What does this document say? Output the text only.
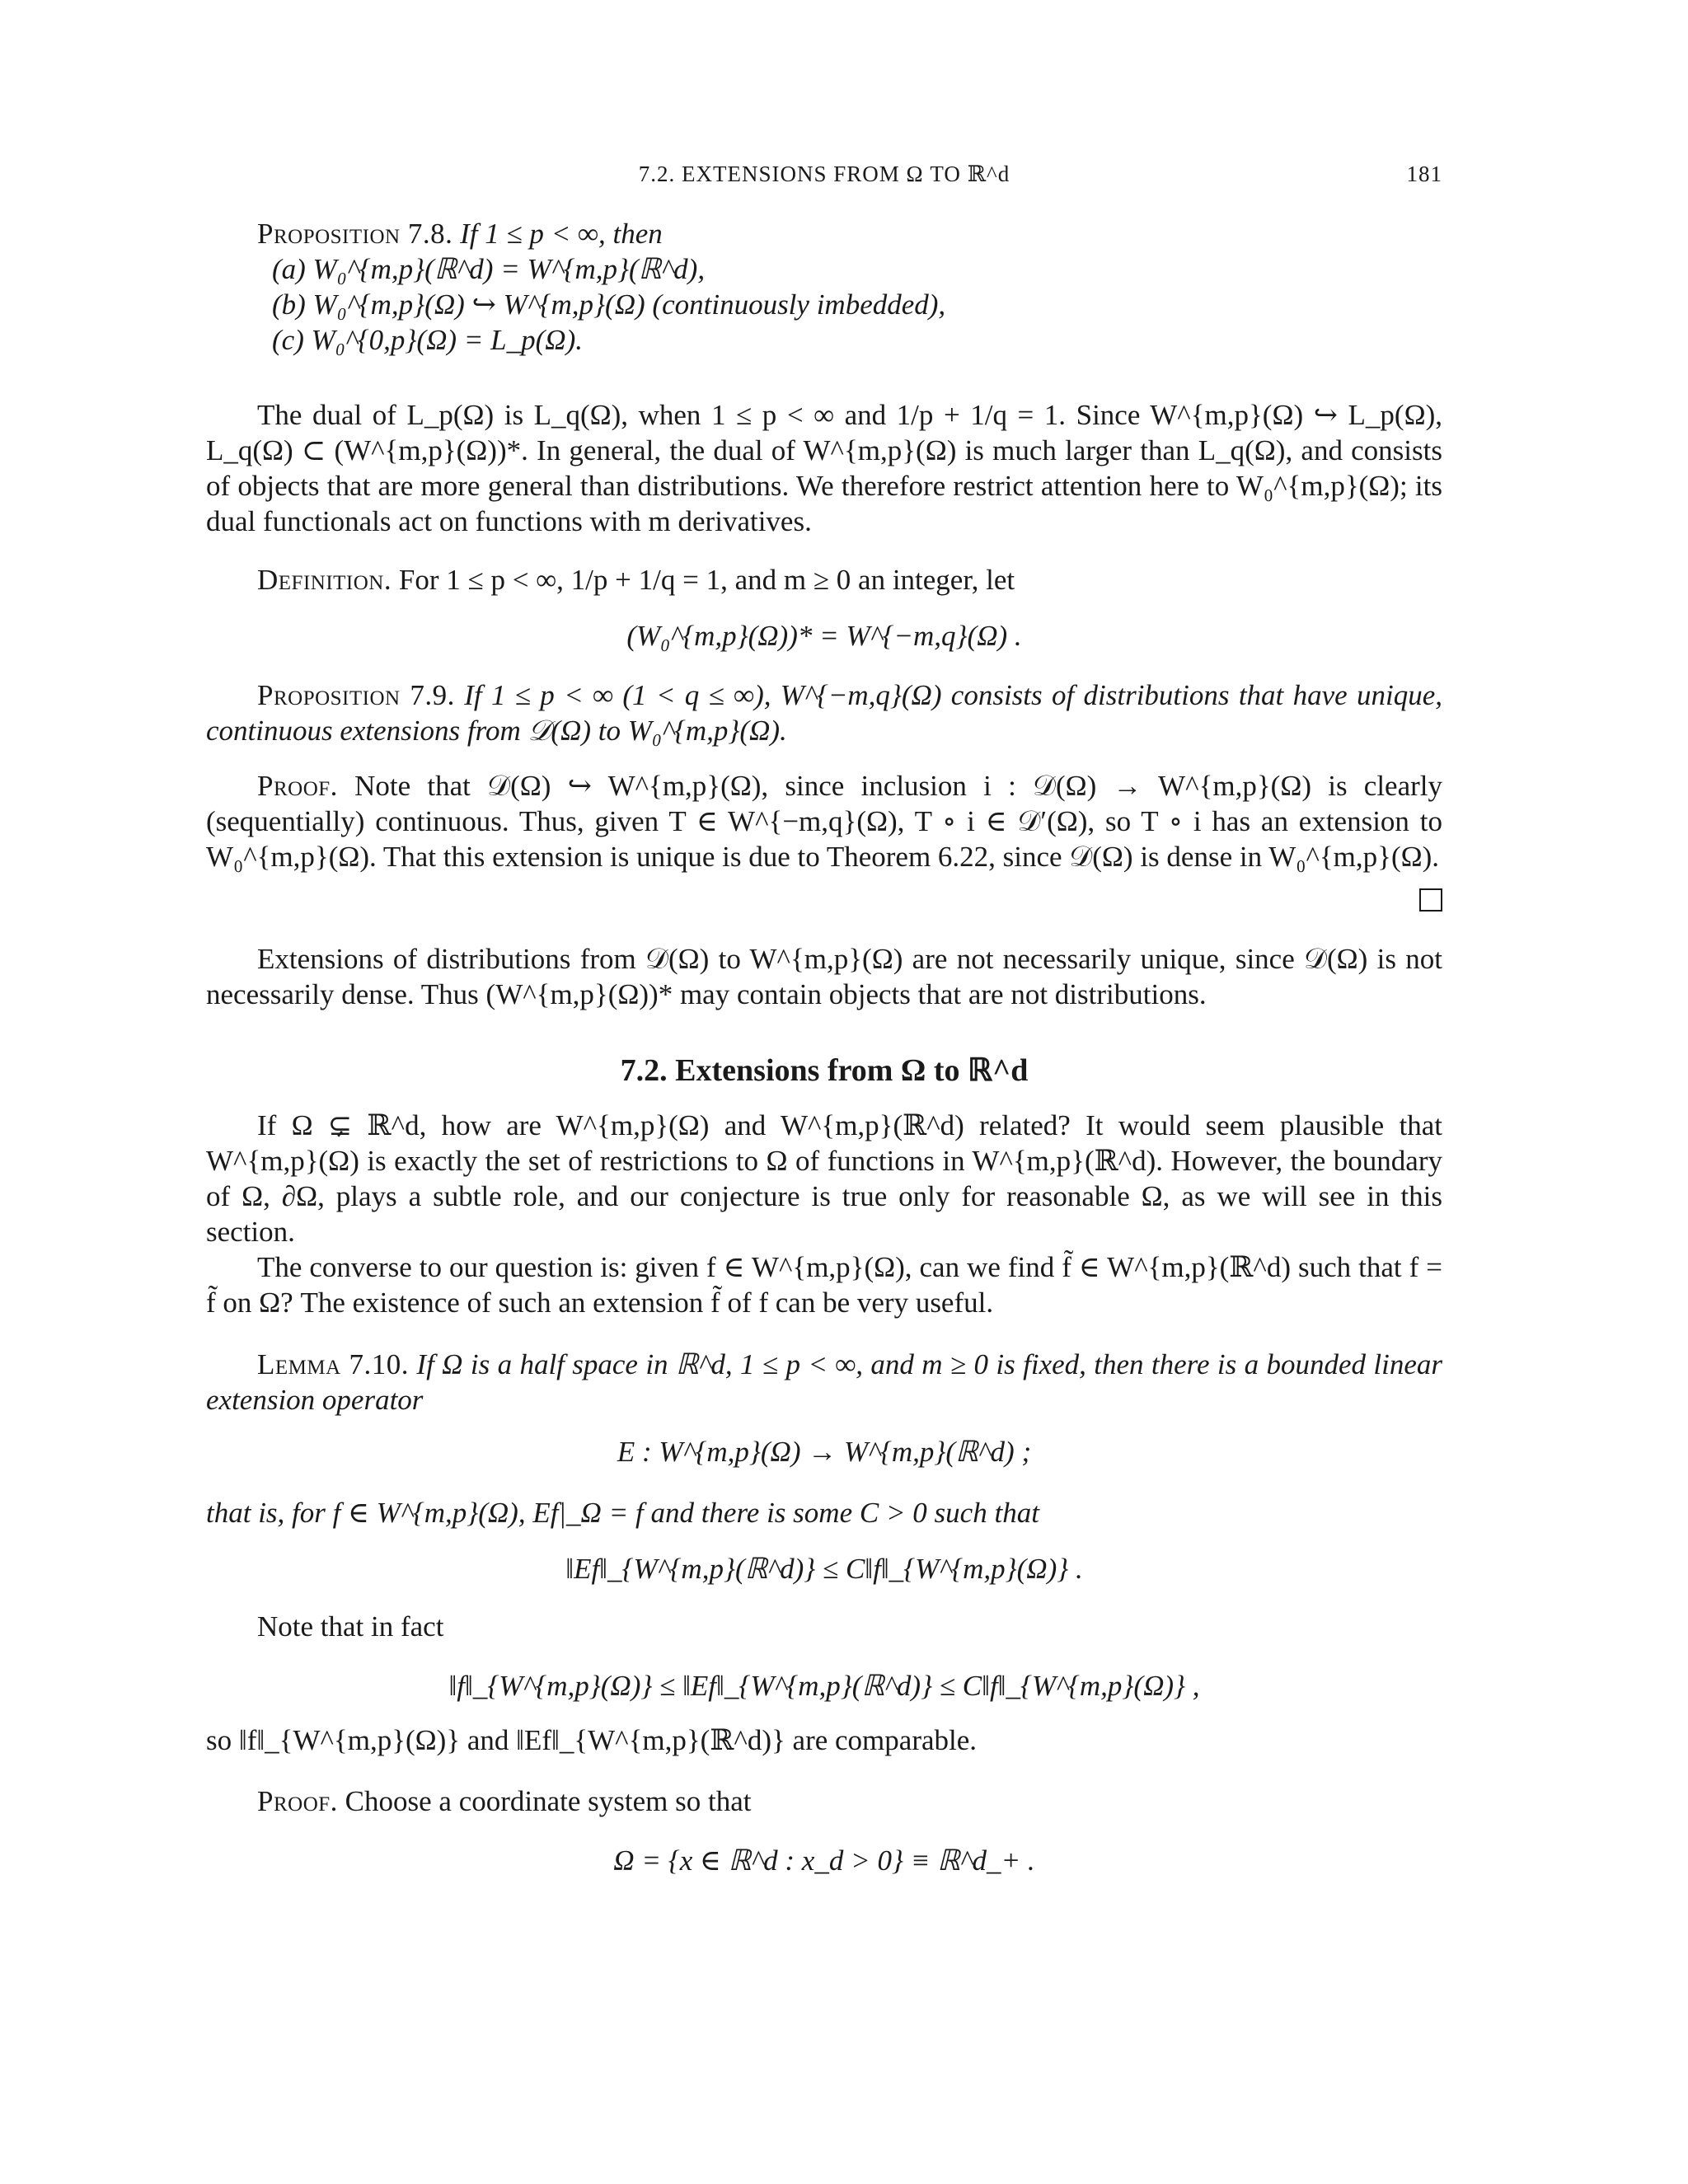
7.2. EXTENSIONS FROM Ω TO ℝ^d	181

Proposition 7.8. If 1 ≤ p < ∞, then

(a) W₀^{m,p}(ℝ^d) = W^{m,p}(ℝ^d),

(b) W₀^{m,p}(Ω) ↪ W^{m,p}(Ω) (continuously imbedded),

(c) W₀^{0,p}(Ω) = L_p(Ω).

The dual of L_p(Ω) is L_q(Ω), when 1 ≤ p < ∞ and 1/p + 1/q = 1. Since W^{m,p}(Ω) ↪ L_p(Ω), L_q(Ω) ⊂ (W^{m,p}(Ω))*. In general, the dual of W^{m,p}(Ω) is much larger than L_q(Ω), and consists of objects that are more general than distributions. We therefore restrict attention here to W₀^{m,p}(Ω); its dual functionals act on functions with m derivatives.

Definition. For 1 ≤ p < ∞, 1/p + 1/q = 1, and m ≥ 0 an integer, let

(W₀^{m,p}(Ω))* = W^{−m,q}(Ω) .

Proposition 7.9. If 1 ≤ p < ∞ (1 < q ≤ ∞), W^{−m,q}(Ω) consists of distributions that have unique, continuous extensions from 𝒟(Ω) to W₀^{m,p}(Ω).

Proof. Note that 𝒟(Ω) ↪ W^{m,p}(Ω), since inclusion i : 𝒟(Ω) → W^{m,p}(Ω) is clearly (sequentially) continuous. Thus, given T ∈ W^{−m,q}(Ω), T ∘ i ∈ 𝒟′(Ω), so T ∘ i has an extension to W₀^{m,p}(Ω). That this extension is unique is due to Theorem 6.22, since 𝒟(Ω) is dense in W₀^{m,p}(Ω).

Extensions of distributions from 𝒟(Ω) to W^{m,p}(Ω) are not necessarily unique, since 𝒟(Ω) is not necessarily dense. Thus (W^{m,p}(Ω))* may contain objects that are not distributions.

7.2. Extensions from Ω to ℝ^d

If Ω ⊊ ℝ^d, how are W^{m,p}(Ω) and W^{m,p}(ℝ^d) related? It would seem plausible that W^{m,p}(Ω) is exactly the set of restrictions to Ω of functions in W^{m,p}(ℝ^d). However, the boundary of Ω, ∂Ω, plays a subtle role, and our conjecture is true only for reasonable Ω, as we will see in this section.

The converse to our question is: given f ∈ W^{m,p}(Ω), can we find f̃ ∈ W^{m,p}(ℝ^d) such that f = f̃ on Ω? The existence of such an extension f̃ of f can be very useful.

Lemma 7.10. If Ω is a half space in ℝ^d, 1 ≤ p < ∞, and m ≥ 0 is fixed, then there is a bounded linear extension operator

E : W^{m,p}(Ω) → W^{m,p}(ℝ^d) ;
that is, for f ∈ W^{m,p}(Ω), Ef|_Ω = f and there is some C > 0 such that
‖Ef‖_{W^{m,p}(ℝ^d)} ≤ C‖f‖_{W^{m,p}(Ω)} .

Note that in fact

‖f‖_{W^{m,p}(Ω)} ≤ ‖Ef‖_{W^{m,p}(ℝ^d)} ≤ C‖f‖_{W^{m,p}(Ω)} ,
so ‖f‖_{W^{m,p}(Ω)} and ‖Ef‖_{W^{m,p}(ℝ^d)} are comparable.

Proof. Choose a coordinate system so that

Ω = {x ∈ ℝ^d : x_d > 0} ≡ ℝ^d_+ .
